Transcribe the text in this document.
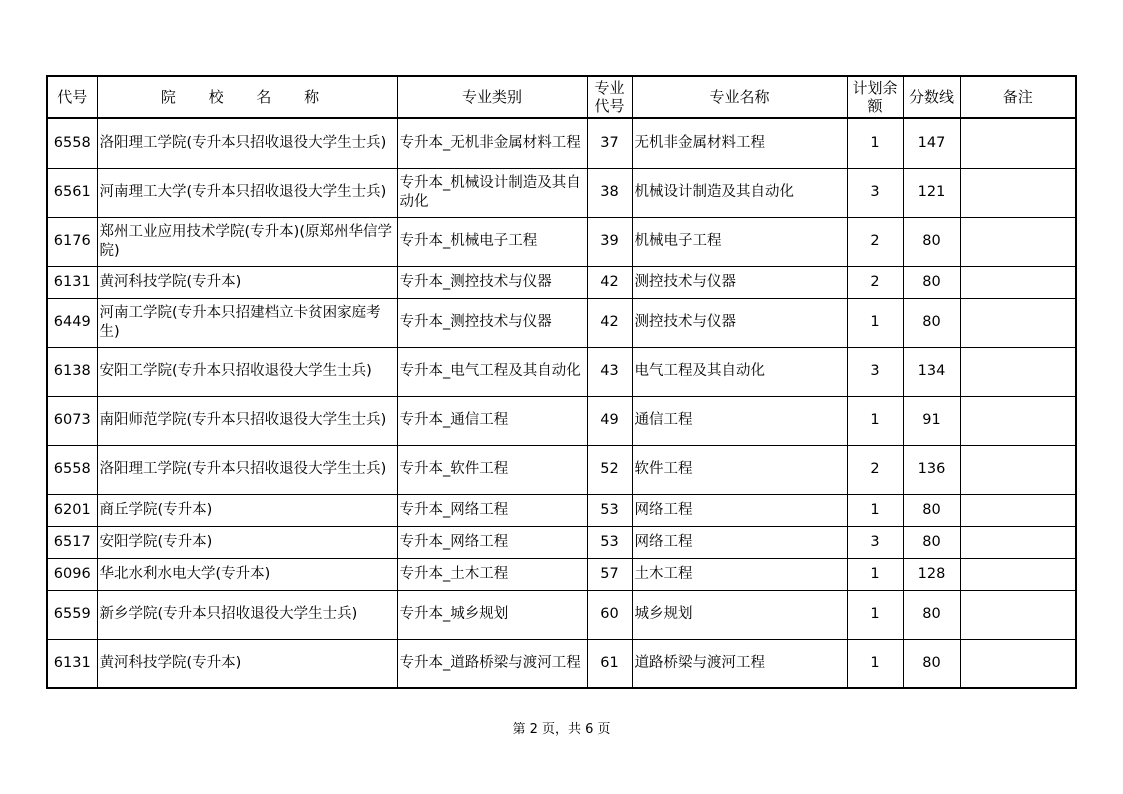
代号	院 校 名 称	专业类别	专业代号	专业名称	计划余额	分数线	备注
6558	洛阳理工学院(专升本只招收退役大学生士兵)	专升本_无机非金属材料工程	37	无机非金属材料工程	1	147	
6561	河南理工大学(专升本只招收退役大学生士兵)	专升本_机械设计制造及其自动化	38	机械设计制造及其自动化	3	121	
6176	郑州工业应用技术学院(专升本)(原郑州华信学院)	专升本_机械电子工程	39	机械电子工程	2	80	
6131	黄河科技学院(专升本)	专升本_测控技术与仪器	42	测控技术与仪器	2	80	
6449	河南工学院(专升本只招建档立卡贫困家庭考生)	专升本_测控技术与仪器	42	测控技术与仪器	1	80	
6138	安阳工学院(专升本只招收退役大学生士兵)	专升本_电气工程及其自动化	43	电气工程及其自动化	3	134	
6073	南阳师范学院(专升本只招收退役大学生士兵)	专升本_通信工程	49	通信工程	1	91	
6558	洛阳理工学院(专升本只招收退役大学生士兵)	专升本_软件工程	52	软件工程	2	136	
6201	商丘学院(专升本)	专升本_网络工程	53	网络工程	1	80	
6517	安阳学院(专升本)	专升本_网络工程	53	网络工程	3	80	
6096	华北水利水电大学(专升本)	专升本_土木工程	57	土木工程	1	128	
6559	新乡学院(专升本只招收退役大学生士兵)	专升本_城乡规划	60	城乡规划	1	80	
6131	黄河科技学院(专升本)	专升本_道路桥梁与渡河工程	61	道路桥梁与渡河工程	1	80	
第 2 页，共 6 页
